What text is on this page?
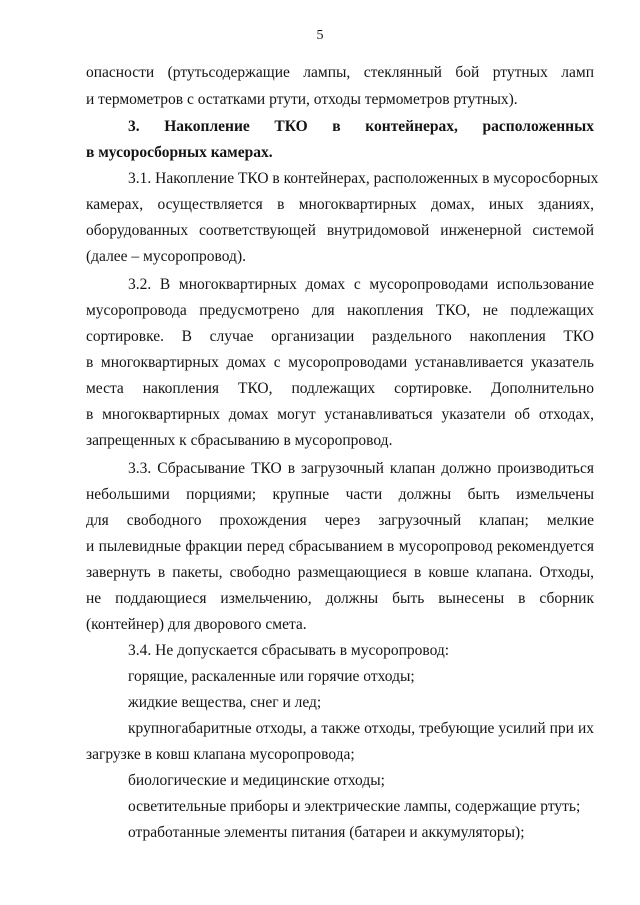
5
опасности (ртутьсодержащие лампы, стеклянный бой ртутных ламп
и термометров с остатками ртути, отходы термометров ртутных).
3. Накопление ТКО в контейнерах, расположенных
в мусоросборных камерах.
3.1. Накопление ТКО в контейнерах, расположенных в мусоросборных
камерах, осуществляется в многоквартирных домах, иных зданиях,
оборудованных соответствующей внутридомовой инженерной системой
(далее – мусоропровод).
3.2. В многоквартирных домах с мусоропроводами использование
мусоропровода предусмотрено для накопления ТКО, не подлежащих
сортировке. В случае организации раздельного накопления ТКО
в многоквартирных домах с мусоропроводами устанавливается указатель
места накопления ТКО, подлежащих сортировке. Дополнительно
в многоквартирных домах могут устанавливаться указатели об отходах,
запрещенных к сбрасыванию в мусоропровод.
3.3. Сбрасывание ТКО в загрузочный клапан должно производиться
небольшими порциями; крупные части должны быть измельчены
для свободного прохождения через загрузочный клапан; мелкие
и пылевидные фракции перед сбрасыванием в мусоропровод рекомендуется
завернуть в пакеты, свободно размещающиеся в ковше клапана. Отходы,
не поддающиеся измельчению, должны быть вынесены в сборник
(контейнер) для дворового смета.
3.4. Не допускается сбрасывать в мусоропровод:
горящие, раскаленные или горячие отходы;
жидкие вещества, снег и лед;
крупногабаритные отходы, а также отходы, требующие усилий при их
загрузке в ковш клапана мусоропровода;
биологические и медицинские отходы;
осветительные приборы и электрические лампы, содержащие ртуть;
отработанные элементы питания (батареи и аккумуляторы);
